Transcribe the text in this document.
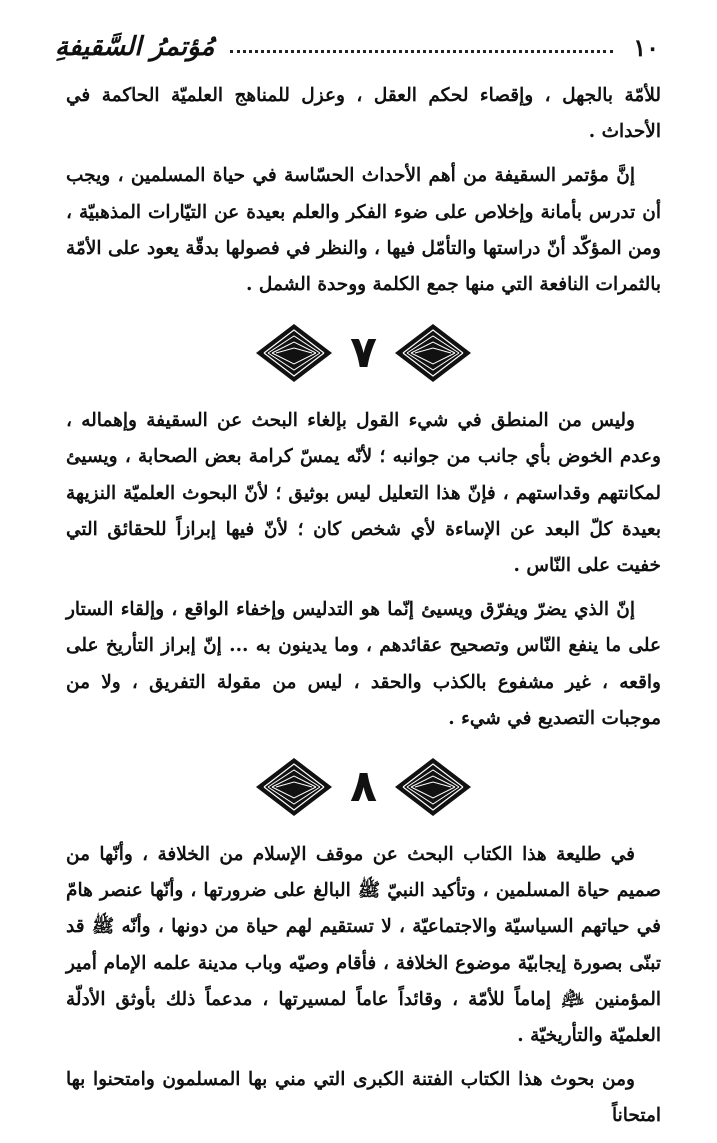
١٠
مُؤتمرُ السَّقيفةِ

للأمّة بالجهل ، وإقصاء لحكم العقل ، وعزل للمناهج العلميّة الحاكمة في الأحداث .

إنَّ مؤتمر السقيفة من أهم الأحداث الحسّاسة في حياة المسلمين ، ويجب أن تدرس بأمانة وإخلاص على ضوء الفكر والعلم بعيدة عن التيّارات المذهبيّة ، ومن المؤكّد أنّ دراستها والتأمّل فيها ، والنظر في فصولها بدقّة يعود على الأمّة بالثمرات النافعة التي منها جمع الكلمة ووحدة الشمل .

٧

وليس من المنطق في شيء القول بإلغاء البحث عن السقيفة وإهماله ، وعدم الخوض بأي جانب من جوانبه ؛ لأنّه يمسّ كرامة بعض الصحابة ، ويسيئ لمكانتهم وقداستهم ، فإنّ هذا التعليل ليس بوثيق ؛ لأنّ البحوث العلميّة النزيهة بعيدة كلّ البعد عن الإساءة لأي شخص كان ؛ لأنّ فيها إبرازاً للحقائق التي خفيت على النّاس .

إنّ الذي يضرّ ويفرّق ويسيئ إنّما هو التدليس وإخفاء الواقع ، وإلقاء الستار على ما ينفع النّاس وتصحيح عقائدهم ، وما يدينون به ... إنّ إبراز التأريخ على واقعه ، غير مشفوع بالكذب والحقد ، ليس من مقولة التفريق ، ولا من موجبات التصديع في شيء .

٨

في طليعة هذا الكتاب البحث عن موقف الإسلام من الخلافة ، وأنّها من صميم حياة المسلمين ، وتأكيد النبيّ ﷺ البالغ على ضرورتها ، وأنّها عنصر هامّ في حياتهم السياسيّة والاجتماعيّة ، لا تستقيم لهم حياة من دونها ، وأنّه ﷺ قد تبنّى بصورة إيجابيّة موضوع الخلافة ، فأقام وصيّه وباب مدينة علمه الإمام أمير المؤمنين ﵇ إماماً للأمّة ، وقائداً عاماً لمسيرتها ، مدعماً ذلك بأوثق الأدلّة العلميّة والتأريخيّة .

ومن بحوث هذا الكتاب الفتنة الكبرى التي مني بها المسلمون وامتحنوا بها امتحاناً
